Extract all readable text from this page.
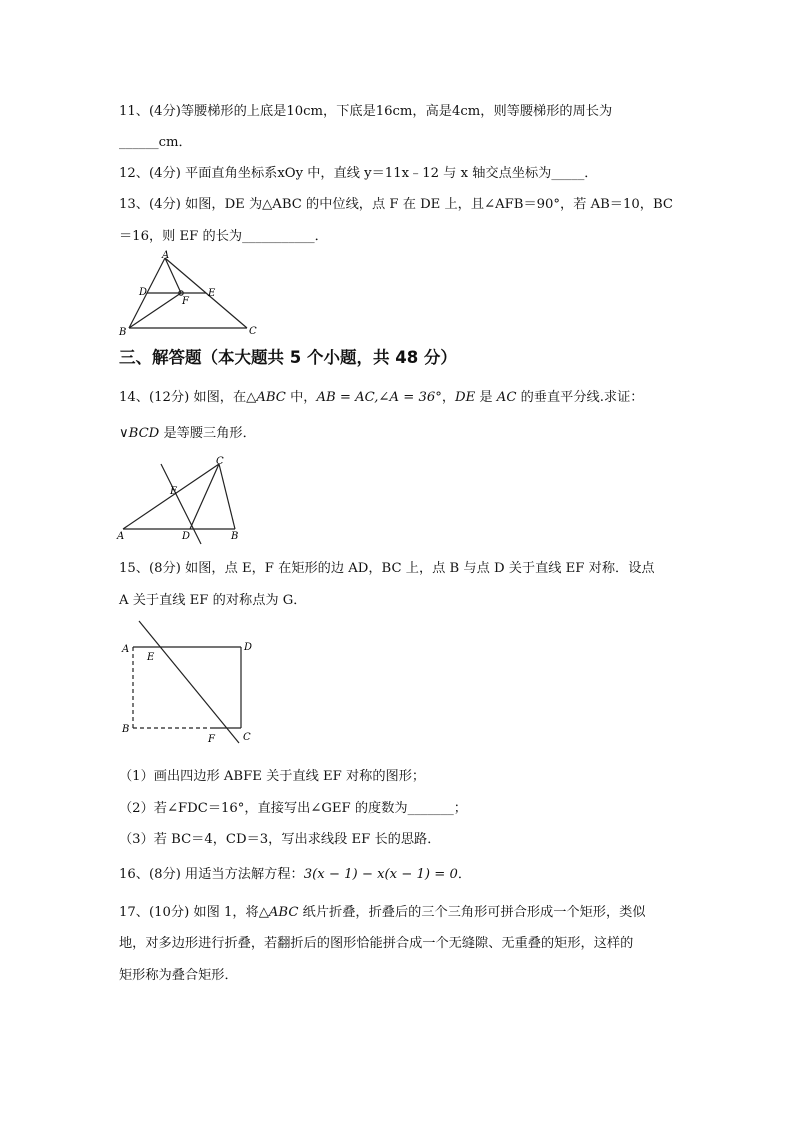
11、(4分)等腰梯形的上底是10cm，下底是16cm，高是4cm，则等腰梯形的周长为
______cm．
12、(4分) 平面直角坐标系xOy 中，直线 y＝11x﹣12 与 x 轴交点坐标为_____．
13、(4分) 如图，DE 为△ABC 的中位线，点 F 在 DE 上，且∠AFB＝90°，若 AB＝10，BC
＝16，则 EF 的长为___________．
A
B	C
D	E
F
三、解答题（本大题共 5 个小题，共 48 分）
14、(12分) 如图，在△ABC 中，AB = AC,∠A = 36°，DE 是 AC 的垂直平分线.求证：
∨BCD 是等腰三角形．
A	B
C
D
E
15、(8分) 如图，点 E，F 在矩形的边 AD，BC 上，点 B 与点 D 关于直线 EF 对称．设点
A 关于直线 EF 的对称点为 G．
A
B
C
D
E
F
（1）画出四边形 ABFE 关于直线 EF 对称的图形；
（2）若∠FDC＝16°，直接写出∠GEF 的度数为_______；
（3）若 BC＝4，CD＝3，写出求线段 EF 长的思路．
16、(8分) 用适当方法解方程：3(x − 1) − x(x − 1) = 0．
17、(10分) 如图 1，将△ABC 纸片折叠，折叠后的三个三角形可拼合形成一个矩形，类似
地，对多边形进行折叠，若翻折后的图形恰能拼合成一个无缝隙、无重叠的矩形，这样的
矩形称为叠合矩形．
